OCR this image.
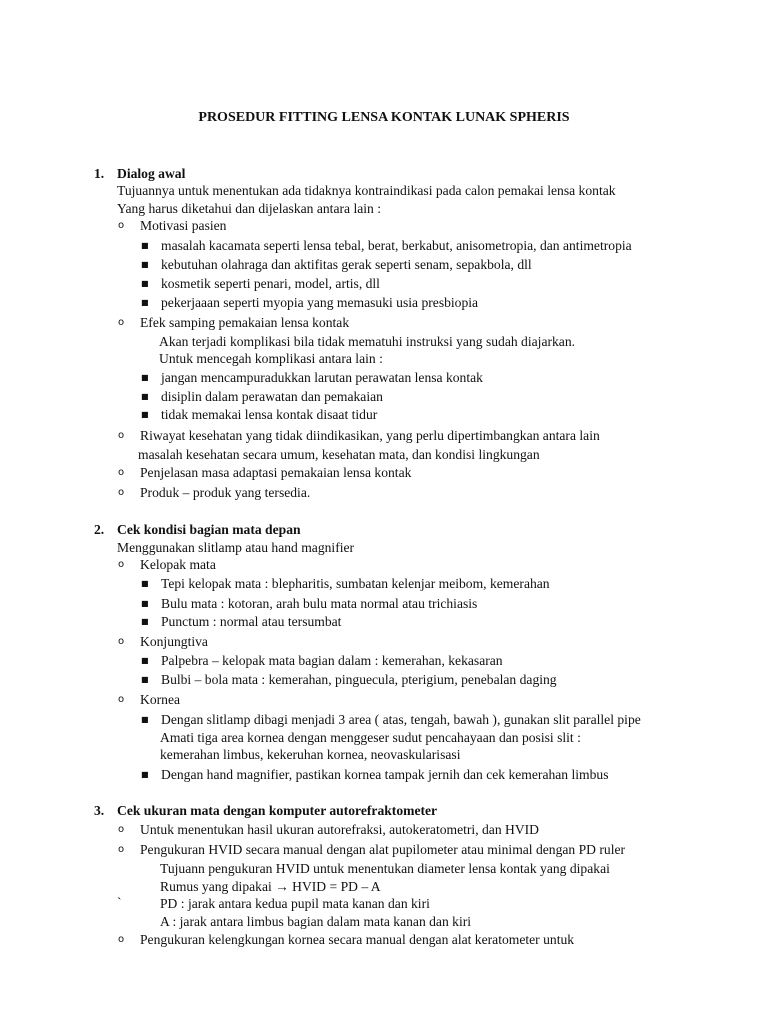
PROSEDUR FITTING LENSA KONTAK LUNAK SPHERIS

1. Dialog awal
Tujuannya untuk menentukan ada tidaknya kontraindikasi pada calon pemakai lensa kontak
Yang harus diketahui dan dijelaskan antara lain :
o Motivasi pasien
■ masalah kacamata seperti lensa tebal, berat, berkabut, anisometropia, dan antimetropia
■ kebutuhan olahraga dan aktifitas gerak seperti senam, sepakbola, dll
■ kosmetik seperti penari, model, artis, dll
■ pekerjaaan seperti myopia yang memasuki usia presbiopia
o Efek samping pemakaian lensa kontak
Akan terjadi komplikasi bila tidak mematuhi instruksi yang sudah diajarkan.
Untuk mencegah komplikasi antara lain :
■ jangan mencampuradukkan larutan perawatan lensa kontak
■ disiplin dalam perawatan dan pemakaian
■ tidak memakai lensa kontak disaat tidur
o Riwayat kesehatan yang tidak diindikasikan, yang perlu dipertimbangkan antara lain
masalah kesehatan secara umum, kesehatan mata, dan kondisi lingkungan
o Penjelasan masa adaptasi pemakaian lensa kontak
o Produk – produk yang tersedia.
2. Cek kondisi bagian mata depan
Menggunakan slitlamp atau hand magnifier
o Kelopak mata
■ Tepi kelopak mata : blepharitis, sumbatan kelenjar meibom, kemerahan
■ Bulu mata : kotoran, arah bulu mata normal atau trichiasis
■ Punctum : normal atau tersumbat
o Konjungtiva
■ Palpebra – kelopak mata bagian dalam : kemerahan, kekasaran
■ Bulbi – bola mata : kemerahan, pinguecula, pterigium, penebalan daging
o Kornea
■ Dengan slitlamp dibagi menjadi 3 area ( atas, tengah, bawah ), gunakan slit parallel pipe
Amati tiga area kornea dengan menggeser sudut pencahayaan dan posisi slit :
kemerahan limbus, kekeruhan kornea, neovaskularisasi
■ Dengan hand magnifier, pastikan kornea tampak jernih dan cek kemerahan limbus
3. Cek ukuran mata dengan komputer autorefraktometer
o Untuk menentukan hasil ukuran autorefraksi, autokeratometri, dan HVID
o Pengukuran HVID secara manual dengan alat pupilometer atau minimal dengan PD ruler
Tujuann pengukuran HVID untuk menentukan diameter lensa kontak yang dipakai
Rumus yang dipakai → HVID = PD – A
`	PD : jarak antara kedua pupil mata kanan dan kiri
A : jarak antara limbus bagian dalam mata kanan dan kiri
o Pengukuran kelengkungan kornea secara manual dengan alat keratometer untuk
